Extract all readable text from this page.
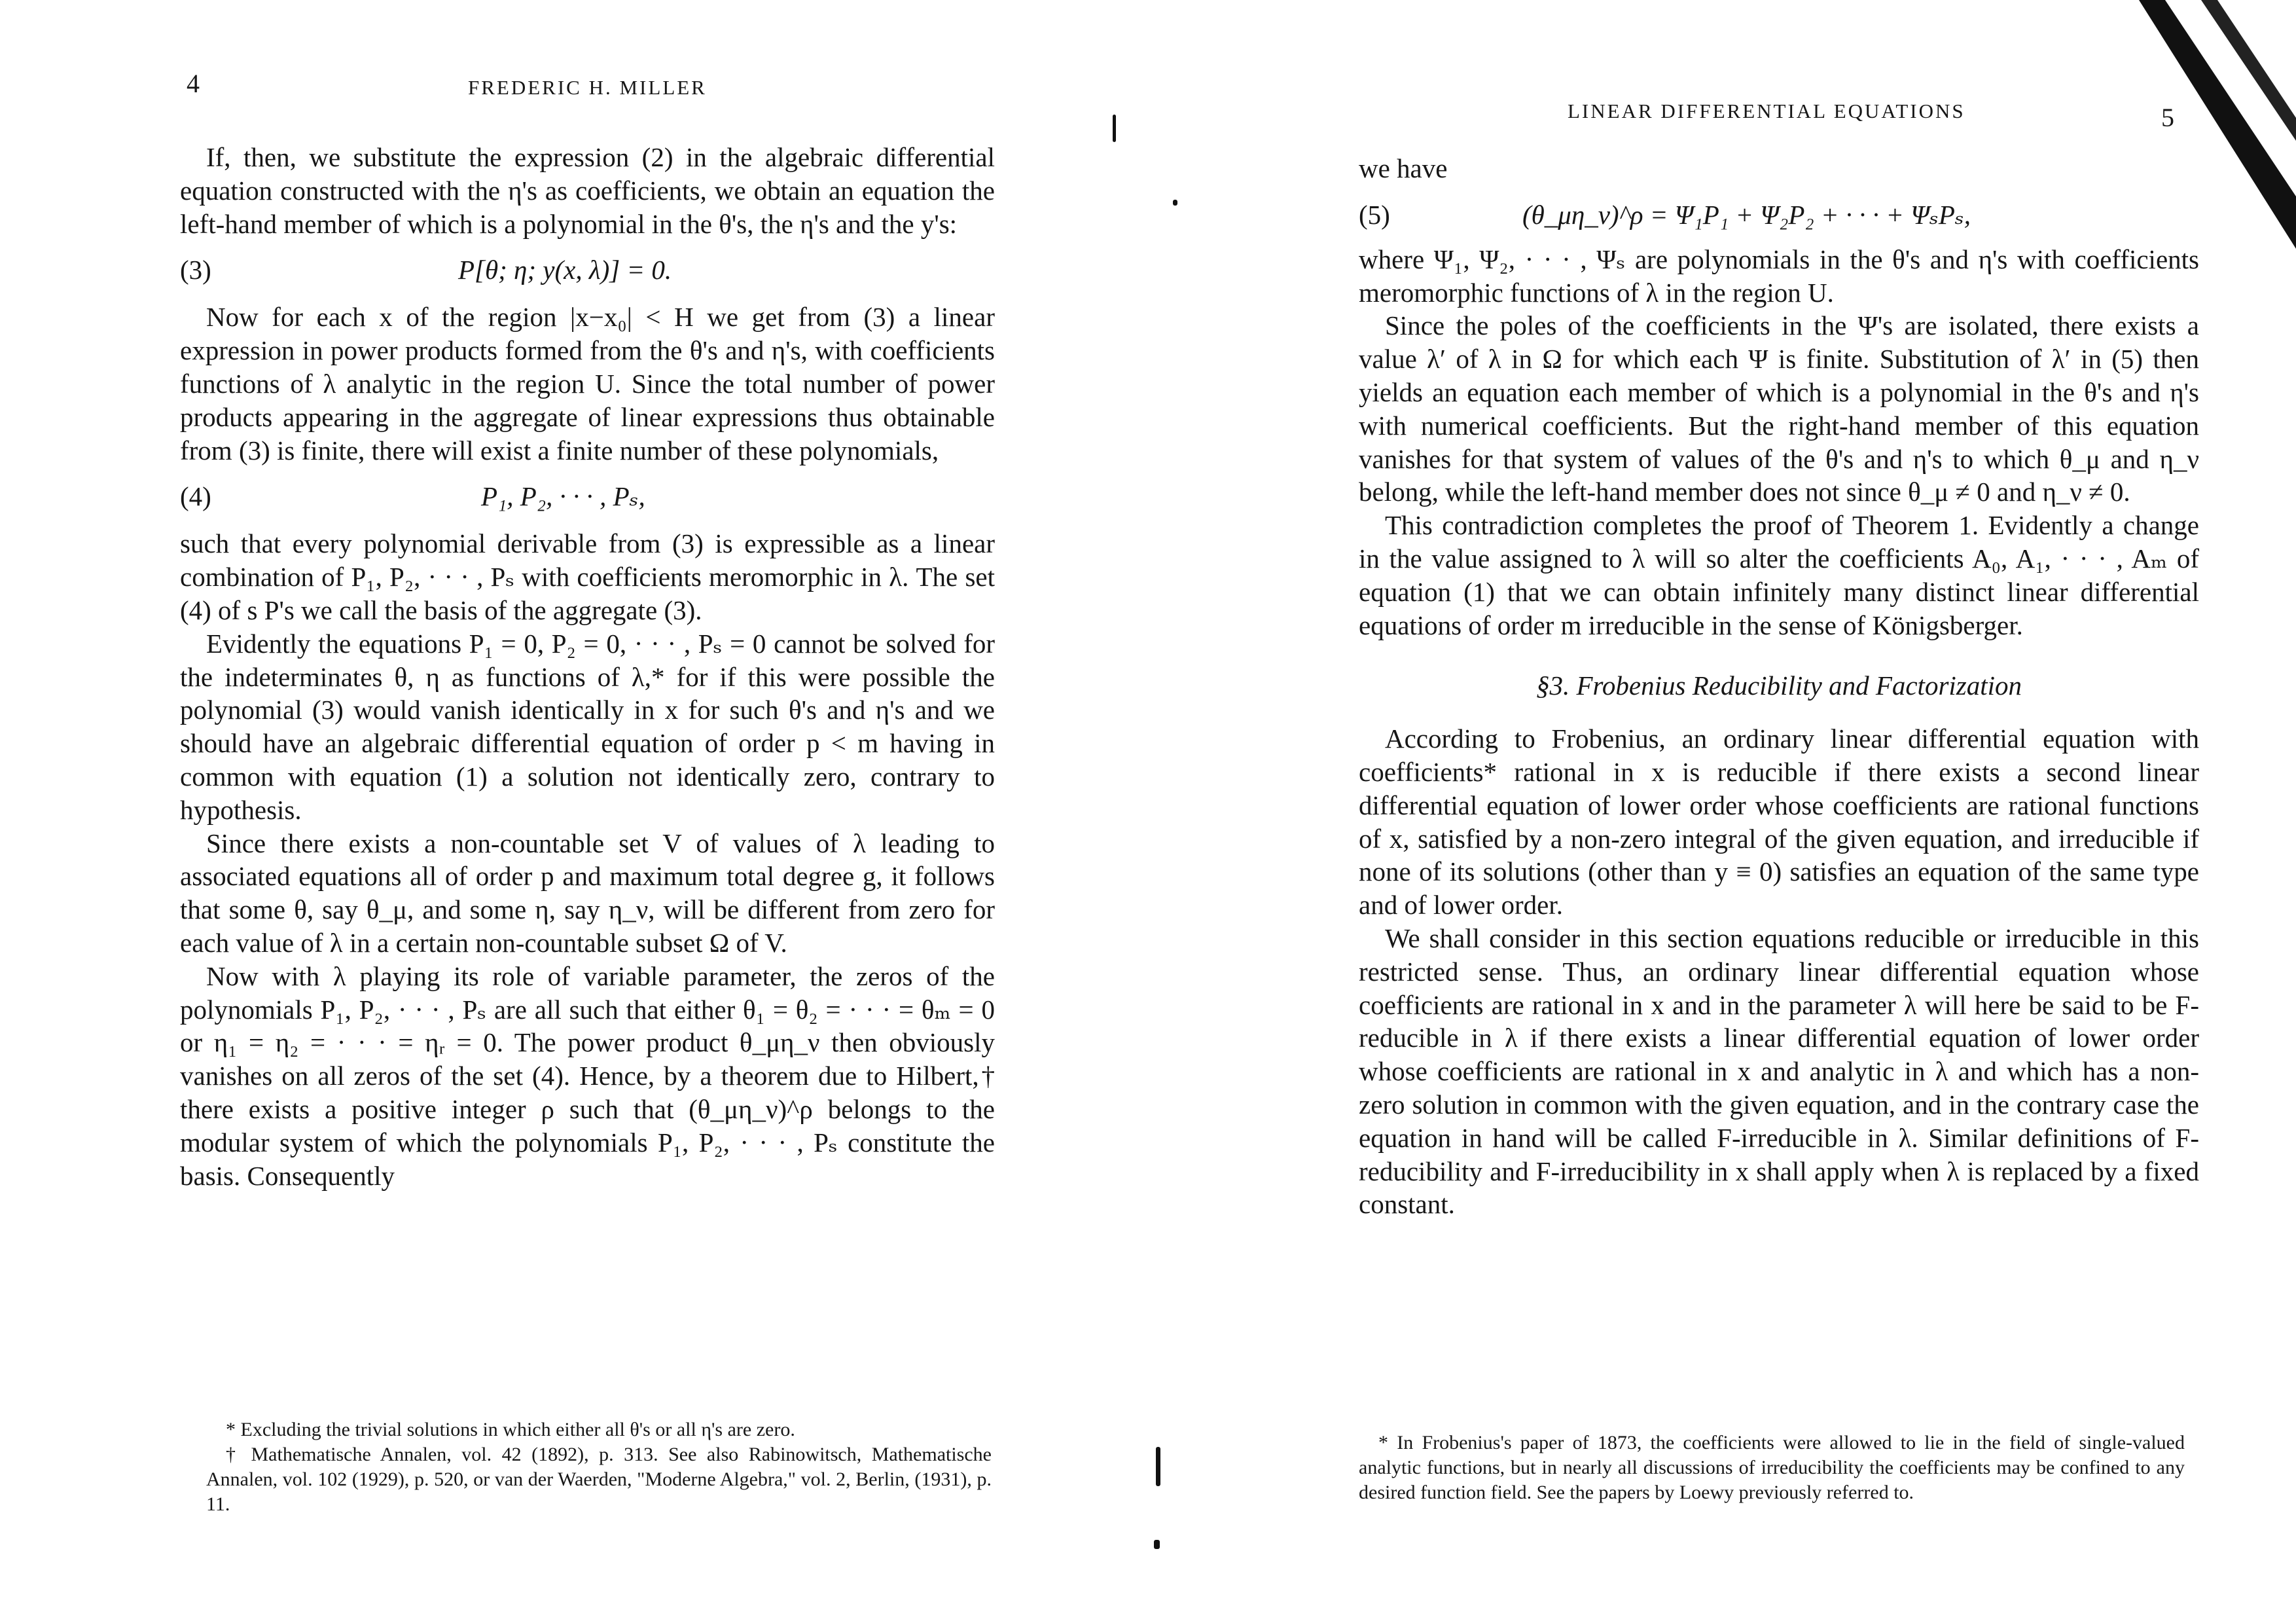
4	FREDERIC H. MILLER

If, then, we substitute the expression (2) in the algebraic differential equation constructed with the η's as coefficients, we obtain an equation the left-hand member of which is a polynomial in the θ's, the η's and the y's:

(3)	P[θ; η; y(x, λ)] = 0.

Now for each x of the region |x−x₀| < H we get from (3) a linear expression in power products formed from the θ's and η's, with coefficients functions of λ analytic in the region U. Since the total number of power products appearing in the aggregate of linear expressions thus obtainable from (3) is finite, there will exist a finite number of these polynomials,

(4)	P₁, P₂, · · · , Pₛ,

such that every polynomial derivable from (3) is expressible as a linear combination of P₁, P₂, · · · , Pₛ with coefficients meromorphic in λ. The set (4) of s P's we call the basis of the aggregate (3).

Evidently the equations P₁ = 0, P₂ = 0, · · · , Pₛ = 0 cannot be solved for the indeterminates θ, η as functions of λ,* for if this were possible the polynomial (3) would vanish identically in x for such θ's and η's and we should have an algebraic differential equation of order p < m having in common with equation (1) a solution not identically zero, contrary to hypothesis.

Since there exists a non-countable set V of values of λ leading to associated equations all of order p and maximum total degree g, it follows that some θ, say θ_μ, and some η, say η_ν, will be different from zero for each value of λ in a certain non-countable subset Ω of V.

Now with λ playing its role of variable parameter, the zeros of the polynomials P₁, P₂, · · · , Pₛ are all such that either θ₁ = θ₂ = · · · = θₘ = 0 or η₁ = η₂ = · · · = ηᵣ = 0. The power product θ_μη_ν then obviously vanishes on all zeros of the set (4). Hence, by a theorem due to Hilbert,† there exists a positive integer ρ such that (θ_μη_ν)^ρ belongs to the modular system of which the polynomials P₁, P₂, · · · , Pₛ constitute the basis. Consequently

* Excluding the trivial solutions in which either all θ's or all η's are zero.

† Mathematische Annalen, vol. 42 (1892), p. 313. See also Rabinowitsch, Mathematische Annalen, vol. 102 (1929), p. 520, or van der Waerden, "Moderne Algebra," vol. 2, Berlin, (1931), p. 11.

LINEAR DIFFERENTIAL EQUATIONS	5

we have

(5)	(θ_μη_ν)^ρ = Ψ₁P₁ + Ψ₂P₂ + · · · + ΨₛPₛ,

where Ψ₁, Ψ₂, · · · , Ψₛ are polynomials in the θ's and η's with coefficients meromorphic functions of λ in the region U.

Since the poles of the coefficients in the Ψ's are isolated, there exists a value λ′ of λ in Ω for which each Ψ is finite. Substitution of λ′ in (5) then yields an equation each member of which is a polynomial in the θ's and η's with numerical coefficients. But the right-hand member of this equation vanishes for that system of values of the θ's and η's to which θ_μ and η_ν belong, while the left-hand member does not since θ_μ ≠ 0 and η_ν ≠ 0.

This contradiction completes the proof of Theorem 1. Evidently a change in the value assigned to λ will so alter the coefficients A₀, A₁, · · · , Aₘ of equation (1) that we can obtain infinitely many distinct linear differential equations of order m irreducible in the sense of Königsberger.

§3. Frobenius Reducibility and Factorization

According to Frobenius, an ordinary linear differential equation with coefficients* rational in x is reducible if there exists a second linear differential equation of lower order whose coefficients are rational functions of x, satisfied by a non-zero integral of the given equation, and irreducible if none of its solutions (other than y ≡ 0) satisfies an equation of the same type and of lower order.

We shall consider in this section equations reducible or irreducible in this restricted sense. Thus, an ordinary linear differential equation whose coefficients are rational in x and in the parameter λ will here be said to be F-reducible in λ if there exists a linear differential equation of lower order whose coefficients are rational in x and analytic in λ and which has a non-zero solution in common with the given equation, and in the contrary case the equation in hand will be called F-irreducible in λ. Similar definitions of F-reducibility and F-irreducibility in x shall apply when λ is replaced by a fixed constant.

* In Frobenius's paper of 1873, the coefficients were allowed to lie in the field of single-valued analytic functions, but in nearly all discussions of irreducibility the coefficients may be confined to any desired function field. See the papers by Loewy previously referred to.
